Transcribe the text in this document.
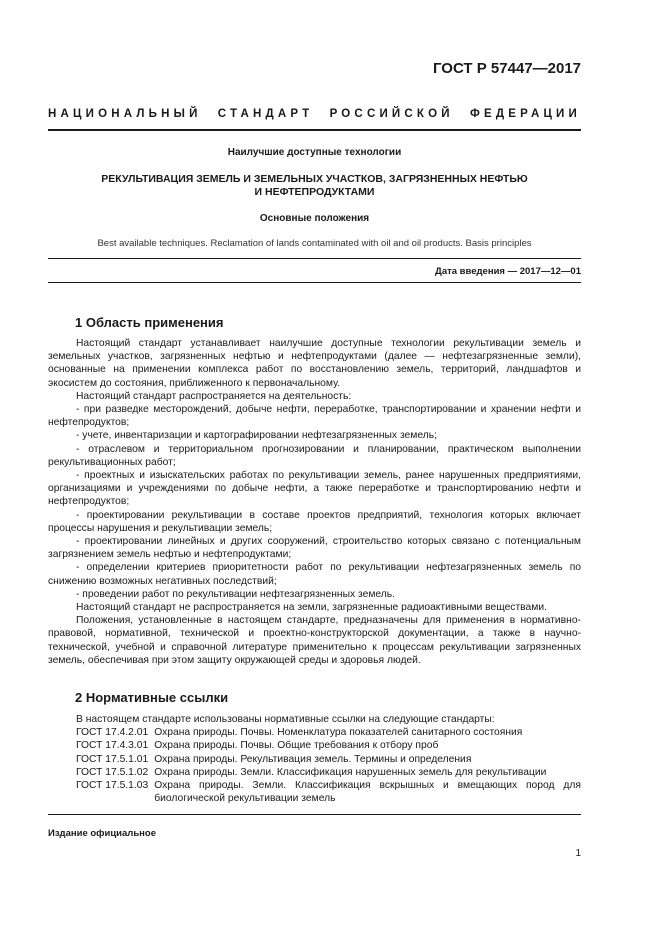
ГОСТ Р 57447—2017
НАЦИОНАЛЬНЫЙ СТАНДАРТ РОССИЙСКОЙ ФЕДЕРАЦИИ
Наилучшие доступные технологии
РЕКУЛЬТИВАЦИЯ ЗЕМЕЛЬ И ЗЕМЕЛЬНЫХ УЧАСТКОВ, ЗАГРЯЗНЕННЫХ НЕФТЬЮ
И НЕФТЕПРОДУКТАМИ
Основные положения
Best available techniques. Reclamation of lands contaminated with oil and oil products. Basis principles
Дата введения — 2017—12—01
1 Область применения

Настоящий стандарт устанавливает наилучшие доступные технологии рекультивации земель и земельных участков, загрязненных нефтью и нефтепродуктами (далее — нефтезагрязненные земли), основанные на применении комплекса работ по восстановлению земель, территорий, ландшафтов и экосистем до состояния, приближенного к первоначальному.

Настоящий стандарт распространяется на деятельность:

- при разведке месторождений, добыче нефти, переработке, транспортировании и хранении нефти и нефтепродуктов;

- учете, инвентаризации и картографировании нефтезагрязненных земель;

- отраслевом и территориальном прогнозировании и планировании, практическом выполнении рекультивационных работ;

- проектных и изыскательских работах по рекультивации земель, ранее нарушенных предприятиями, организациями и учреждениями по добыче нефти, а также переработке и транспортированию нефти и нефтепродуктов;

- проектировании рекультивации в составе проектов предприятий, технология которых включает процессы нарушения и рекультивации земель;

- проектировании линейных и других сооружений, строительство которых связано с потенциальным загрязнением земель нефтью и нефтепродуктами;

- определении критериев приоритетности работ по рекультивации нефтезагрязненных земель по снижению возможных негативных последствий;

- проведении работ по рекультивации нефтезагрязненных земель.

Настоящий стандарт не распространяется на земли, загрязненные радиоактивными веществами.

Положения, установленные в настоящем стандарте, предназначены для применения в нормативно-правовой, нормативной, технической и проектно-конструкторской документации, а также в научно-технической, учебной и справочной литературе применительно к процессам рекультивации загрязненных земель, обеспечивая при этом защиту окружающей среды и здоровья людей.

2 Нормативные ссылки
В настоящем стандарте использованы нормативные ссылки на следующие стандарты:
ГОСТ 17.4.2.01 Охрана природы. Почвы. Номенклатура показателей санитарного состояния
ГОСТ 17.4.3.01 Охрана природы. Почвы. Общие требования к отбору проб
ГОСТ 17.5.1.01 Охрана природы. Рекультивация земель. Термины и определения
ГОСТ 17.5.1.02 Охрана природы. Земли. Классификация нарушенных земель для рекультивации
ГОСТ 17.5.1.03 Охрана природы. Земли. Классификация вскрышных и вмещающих пород для биологической рекультивации земель
Издание официальное
1
